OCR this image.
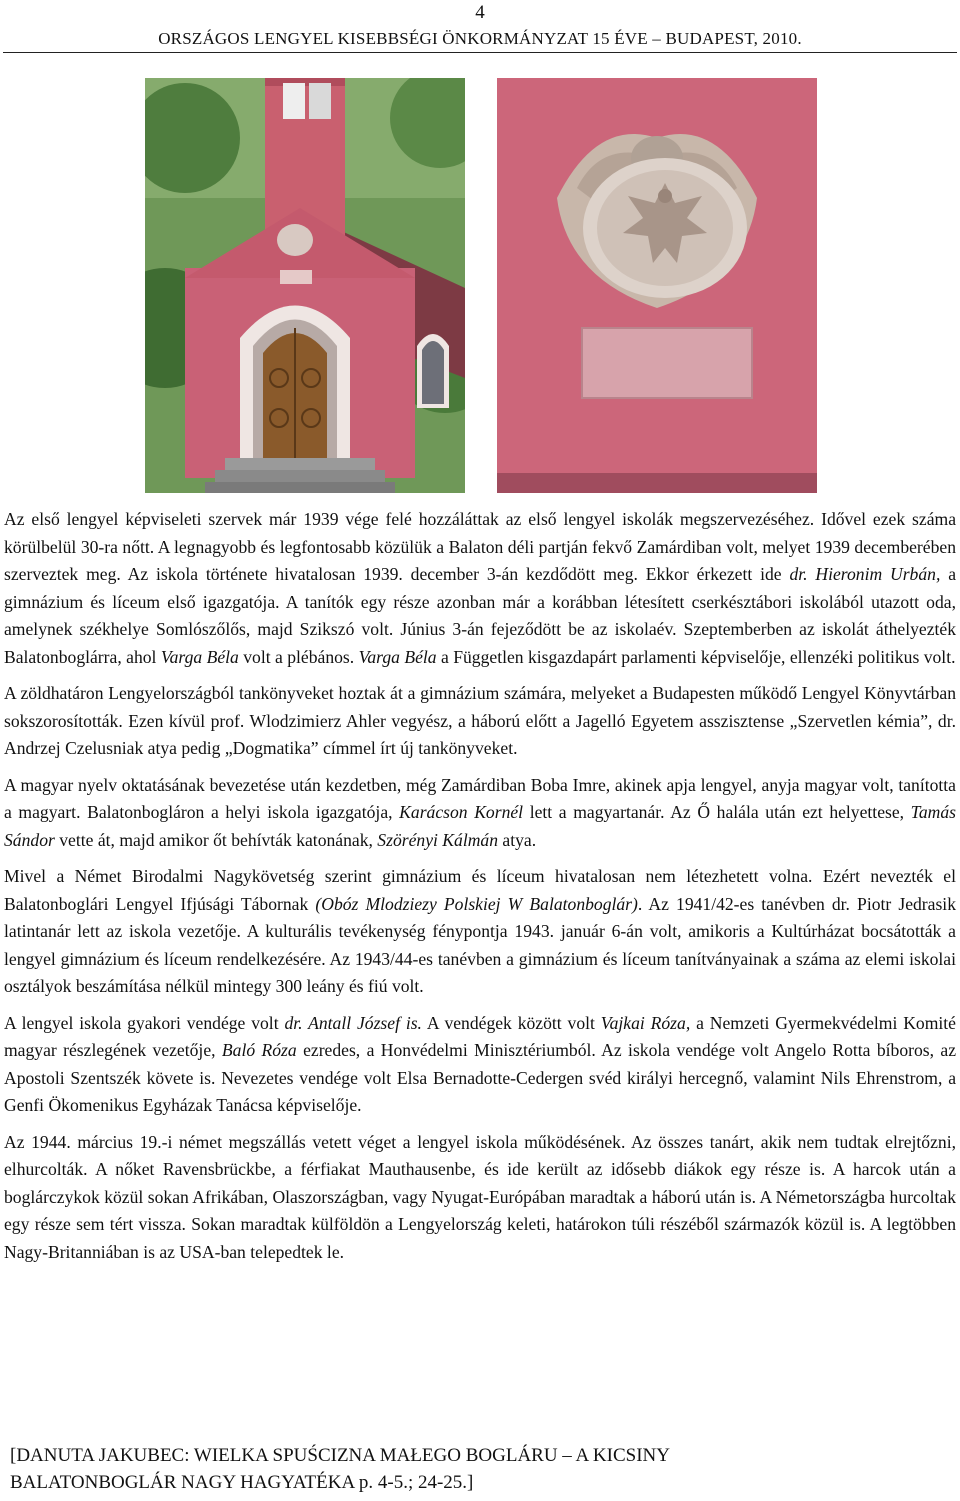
4
ORSZÁGOS LENGYEL KISEBBSÉGI ÖNKORMÁNYZAT 15 ÉVE – BUDAPEST, 2010.

Az első lengyel képviseleti szervek már 1939 vége felé hozzáláttak az első lengyel iskolák megszervezéséhez. Idővel ezek száma körülbelül 30-ra nőtt. A legnagyobb és legfontosabb közülük a Balaton déli partján fekvő Zamárdiban volt, melyet 1939 decemberében szerveztek meg. Az iskola története hivatalosan 1939. december 3-án kezdődött meg. Ekkor érkezett ide dr. Hieronim Urbán, a gimnázium és líceum első igazgatója. A tanítók egy része azonban már a korábban létesített cserkésztábori iskolából utazott oda, amelynek székhelye Somlószőlős, majd Szikszó volt. Június 3-án fejeződött be az iskolaév. Szeptemberben az iskolát áthelyezték Balatonboglárra, ahol Varga Béla volt a plébános. Varga Béla a Független kisgazdapárt parlamenti képviselője, ellenzéki politikus volt.

A zöldhatáron Lengyelországból tankönyveket hoztak át a gimnázium számára, melyeket a Budapesten működő Lengyel Könyvtárban sokszorosították. Ezen kívül prof. Wlodzimierz Ahler vegyész, a háború előtt a Jagelló Egyetem asszisztense „Szervetlen kémia”, dr. Andrzej Czelusniak atya pedig „Dogmatika” címmel írt új tankönyveket.

A magyar nyelv oktatásának bevezetése után kezdetben, még Zamárdiban Boba Imre, akinek apja lengyel, anyja magyar volt, tanította a magyart. Balatonbogláron a helyi iskola igazgatója, Karácson Kornél lett a magyartanár. Az Ő halála után ezt helyettese, Tamás Sándor vette át, majd amikor őt behívták katonának, Szörényi Kálmán atya.

Mivel a Német Birodalmi Nagykövetség szerint gimnázium és líceum hivatalosan nem létezhetett volna. Ezért nevezték el Balatonboglári Lengyel Ifjúsági Tábornak (Obóz Mlodziezy Polskiej W Balatonboglár). Az 1941/42-es tanévben dr. Piotr Jedrasik latintanár lett az iskola vezetője. A kulturális tevékenység fénypontja 1943. január 6-án volt, amikoris a Kultúrházat bocsátották a lengyel gimnázium és líceum rendelkezésére. Az 1943/44-es tanévben a gimnázium és líceum tanítványainak a száma az elemi iskolai osztályok beszámítása nélkül mintegy 300 leány és fiú volt.

A lengyel iskola gyakori vendége volt dr. Antall József is. A vendégek között volt Vajkai Róza, a Nemzeti Gyermekvédelmi Komité magyar részlegének vezetője, Baló Róza ezredes, a Honvédelmi Minisztériumból. Az iskola vendége volt Angelo Rotta bíboros, az Apostoli Szentszék követe is. Nevezetes vendége volt Elsa Bernadotte-Cedergen svéd királyi hercegnő, valamint Nils Ehrenstrom, a Genfi Ökomenikus Egyházak Tanácsa képviselője.

Az 1944. március 19.-i német megszállás vetett véget a lengyel iskola működésének. Az összes tanárt, akik nem tudtak elrejtőzni, elhurcolták. A nőket Ravensbrückbe, a férfiakat Mauthausenbe, és ide került az idősebb diákok egy része is. A harcok után a boglárczykok közül sokan Afrikában, Olaszországban, vagy Nyugat-Európában maradtak a háború után is. A Németországba hurcoltak egy része sem tért vissza. Sokan maradtak külföldön a Lengyelország keleti, határokon túli részéből származók közül is. A legtöbben Nagy-Britanniában is az USA-ban telepedtek le.

[DANUTA JAKUBEC: WIELKA SPUŚCIZNA MAŁEGO BOGLÁRU – A KICSINY
BALATONBOGLÁR NAGY HAGYATÉKA p. 4-5.; 24-25.]
